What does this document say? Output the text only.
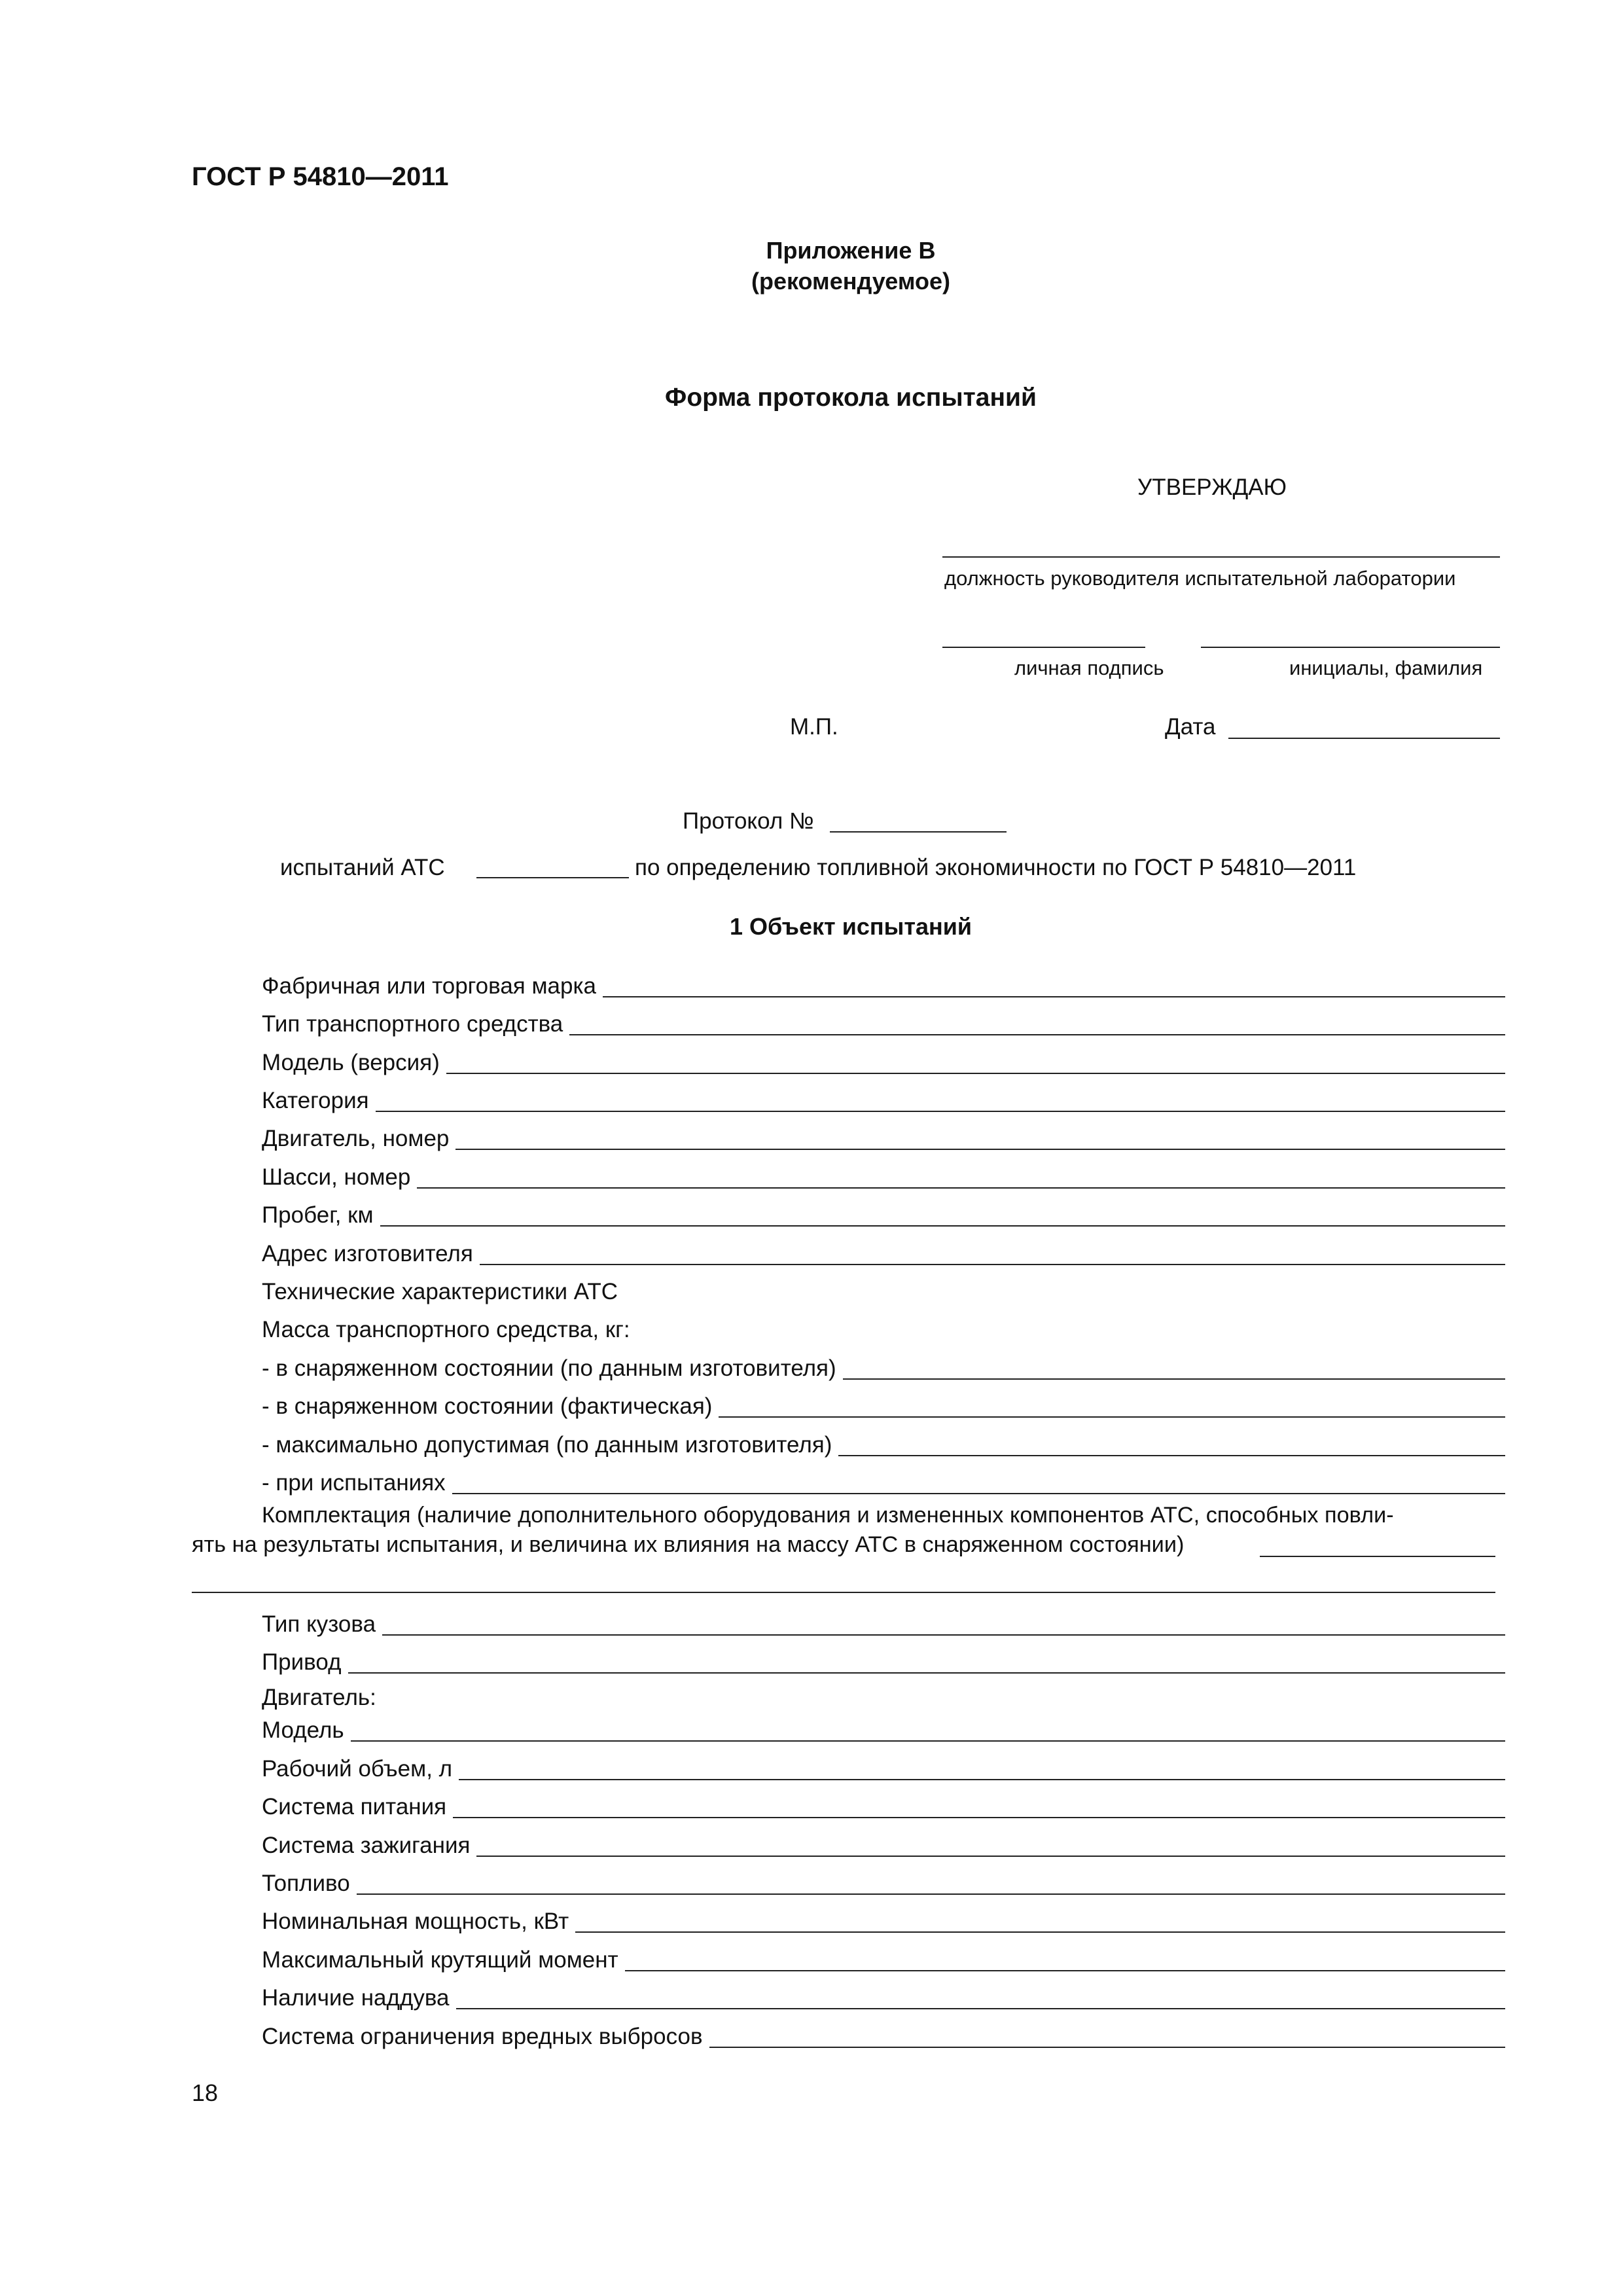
ГОСТ Р 54810—2011
Приложение В
(рекомендуемое)
Форма протокола испытаний
УТВЕРЖДАЮ
должность руководителя испытательной лаборатории
личная подпись	инициалы, фамилия
М.П.	Дата
Протокол №
испытаний АТС	по определению топливной экономичности по ГОСТ Р 54810—2011
1 Объект испытаний
Фабричная или торговая марка
Тип транспортного средства
Модель (версия)
Категория
Двигатель, номер
Шасси, номер
Пробег, км
Адрес изготовителя
Технические характеристики АТС
Масса транспортного средства, кг:
- в снаряженном состоянии (по данным изготовителя)
- в снаряженном состоянии (фактическая)
- максимально допустимая (по данным изготовителя)
- при испытаниях
Комплектация (наличие дополнительного оборудования и измененных компонентов АТС, способных повли-
ять на результаты испытания, и величина их влияния на массу АТС в снаряженном состоянии)
Тип кузова
Привод
Двигатель:
Модель
Рабочий объем, л
Система питания
Система зажигания
Топливо
Номинальная мощность, кВт
Максимальный крутящий момент
Наличие наддува
Система ограничения вредных выбросов
18
